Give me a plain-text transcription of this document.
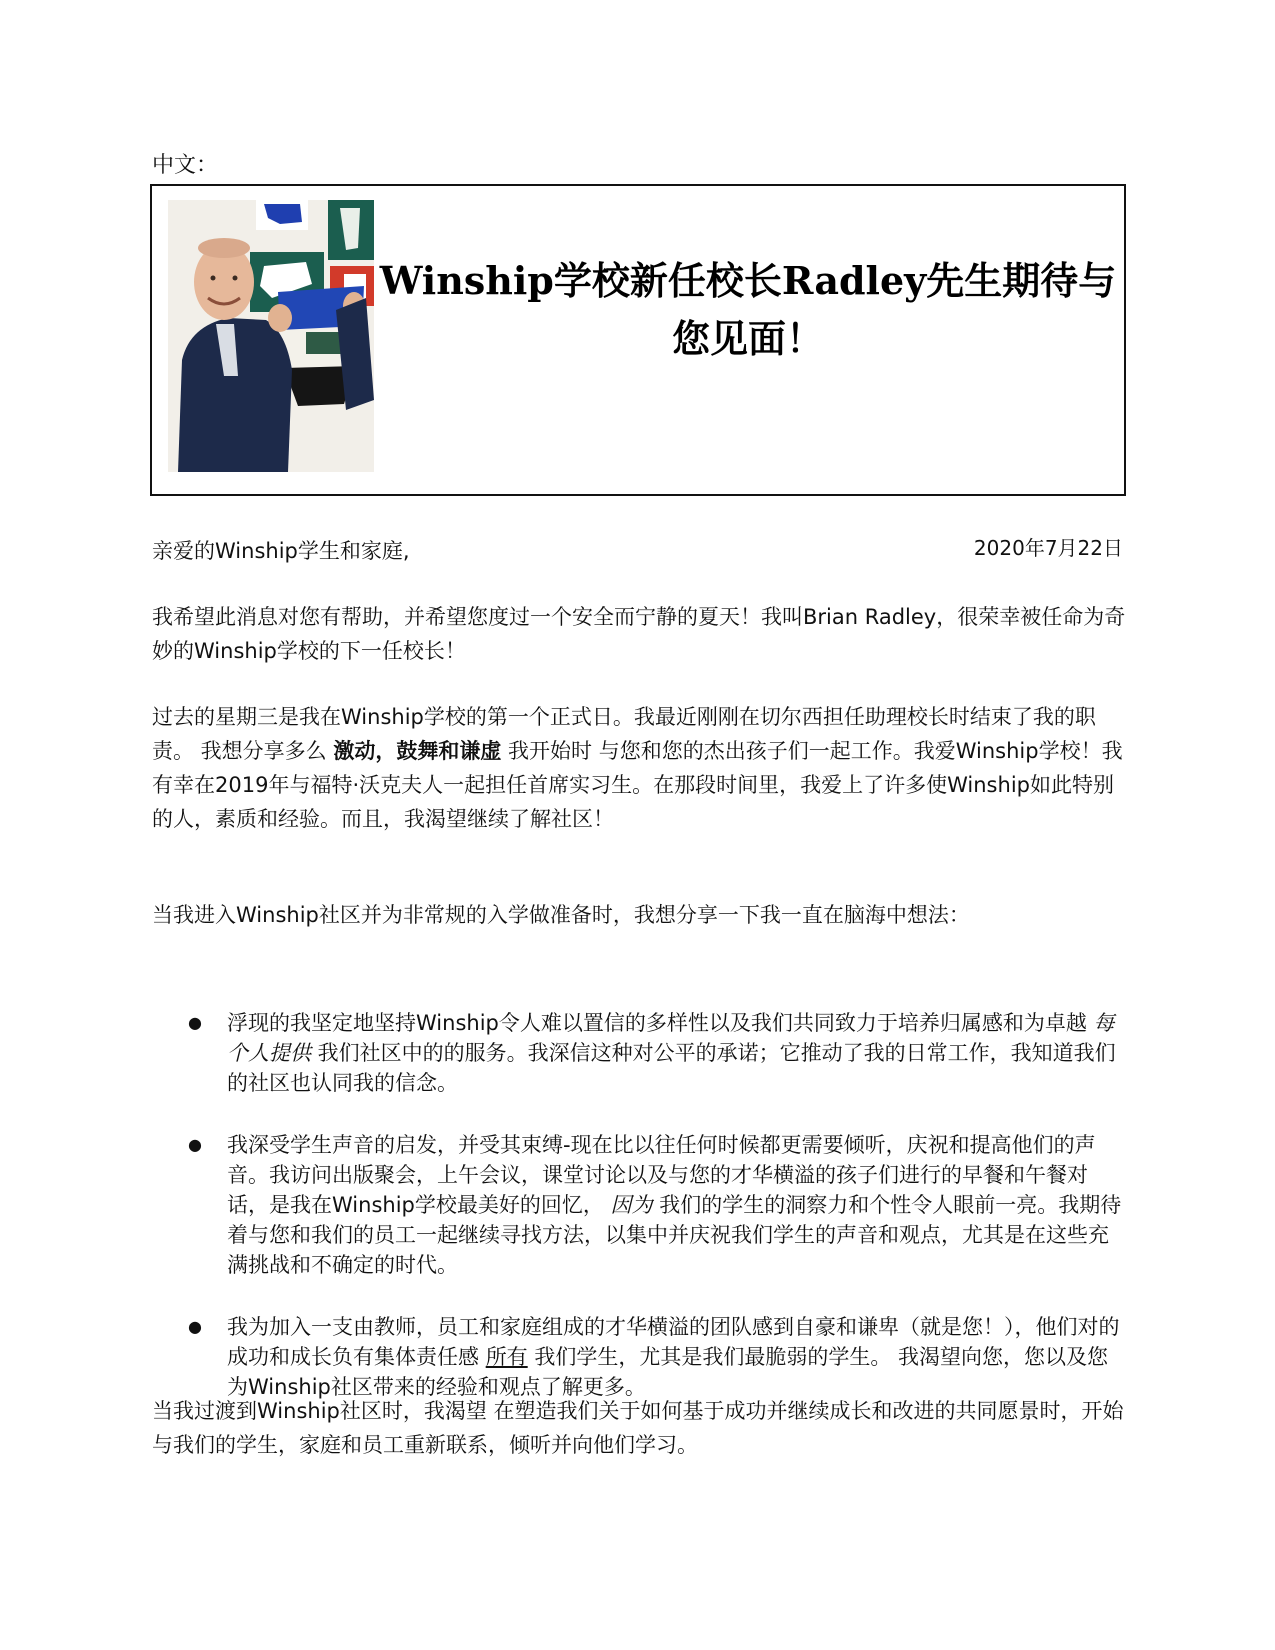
中文：
Winship学校新任校长Radley先生期待与
您见面！
2020年7月22日
亲爱的Winship学生和家庭,
我希望此消息对您有帮助，并希望您度过一个安全而宁静的夏天！我叫Brian Radley，很荣幸被任命为奇妙的Winship学校的下一任校长！
过去的星期三是我在Winship学校的第一个正式日。我最近刚刚在切尔西担任助理校长时结束了我的职责。 我想分享多么 激动，鼓舞和谦虚 我开始时 与您和您的杰出孩子们一起工作。我爱Winship学校！我有幸在2019年与福特·沃克夫人一起担任首席实习生。在那段时间里，我爱上了许多使Winship如此特别的人，素质和经验。而且，我渴望继续了解社区！
当我进入Winship社区并为非常规的入学做准备时，我想分享一下我一直在脑海中想法：
● 浮现的我坚定地坚持Winship令人难以置信的多样性以及我们共同致力于培养归属感和为卓越 每个人提供 我们社区中的的服务。我深信这种对公平的承诺；它推动了我的日常工作，我知道我们的社区也认同我的信念。
● 我深受学生声音的启发，并受其束缚-现在比以往任何时候都更需要倾听，庆祝和提高他们的声音。我访问出版聚会，上午会议，课堂讨论以及与您的才华横溢的孩子们进行的早餐和午餐对话，是我在Winship学校最美好的回忆， 因为 我们的学生的洞察力和个性令人眼前一亮。我期待着与您和我们的员工一起继续寻找方法，以集中并庆祝我们学生的声音和观点，尤其是在这些充满挑战和不确定的时代。
● 我为加入一支由教师，员工和家庭组成的才华横溢的团队感到自豪和谦卑（就是您！），他们对的成功和成长负有集体责任感 所有 我们学生，尤其是我们最脆弱的学生。 我渴望向您，您以及您为Winship社区带来的经验和观点了解更多。
当我过渡到Winship社区时，我渴望 在塑造我们关于如何基于成功并继续成长和改进的共同愿景时，开始与我们的学生，家庭和员工重新联系，倾听并向他们学习。
